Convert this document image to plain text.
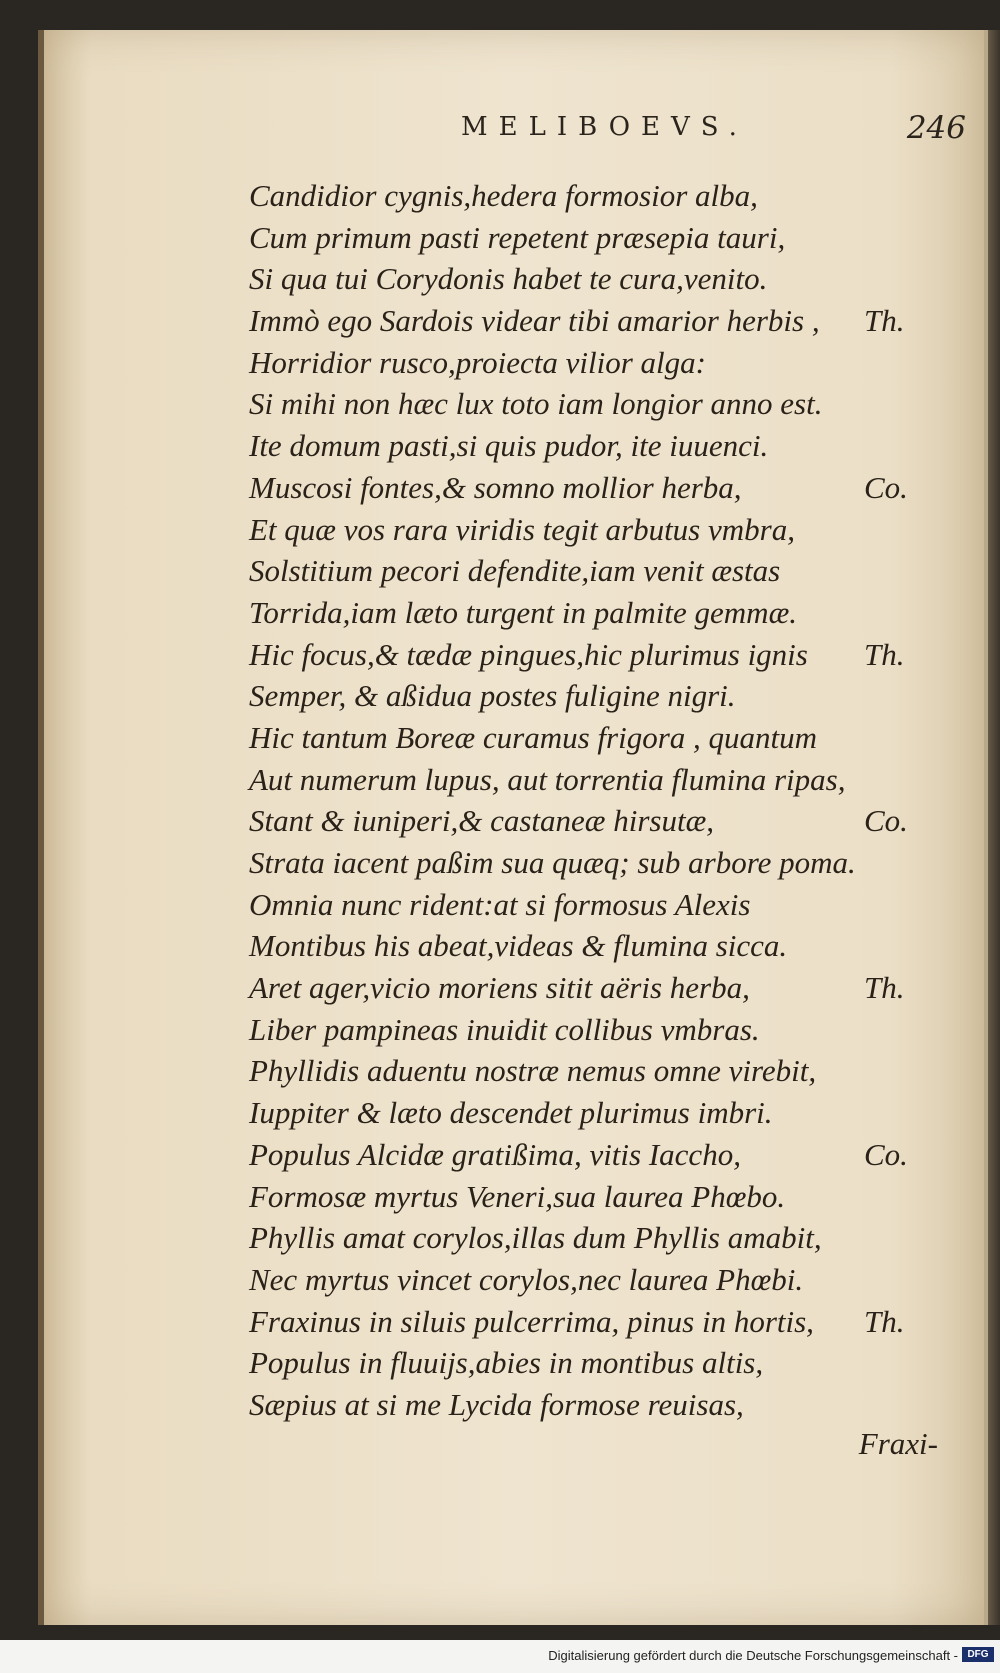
MELIBOEVS.	246
Candidior cygnis,hedera formosior alba,
Cum primum pasti repetent præsepia tauri,
Si qua tui Corydonis habet te cura,venito.
Immò ego Sardois videar tibi amarior herbis , Th.
Horridior rusco,proiecta vilior alga:
Si mihi non hæc lux toto iam longior anno est.
Ite domum pasti,si quis pudor, ite iuuenci.
Muscosi fontes,& somno mollior herba,	Co.
Et quæ vos rara viridis tegit arbutus vmbra,
Solstitium pecori defendite,iam venit æstas
Torrida,iam læto turgent in palmite gemmæ.
Hic focus,& tædæ pingues,hic plurimus ignis Th.
Semper, & aßidua postes fuligine nigri.
Hic tantum Boreæ curamus frigora , quantum
Aut numerum lupus, aut torrentia flumina ripas,
Stant & iuniperi,& castaneæ hirsutæ,	Co.
Strata iacent paßim sua quæq; sub arbore poma.
Omnia nunc rident:at si formosus Alexis
Montibus his abeat,videas & flumina sicca.
Aret ager,vicio moriens sitit aëris herba,	Th.
Liber pampineas inuidit collibus vmbras.
Phyllidis aduentu nostræ nemus omne virebit,
Iuppiter & læto descendet plurimus imbri.
Populus Alcidæ gratißima, vitis Iaccho,	Co.
Formosæ myrtus Veneri,sua laurea Phœbo.
Phyllis amat corylos,illas dum Phyllis amabit,
Nec myrtus vincet corylos,nec laurea Phœbi.
Fraxinus in siluis pulcerrima, pinus in hortis, Th.
Populus in fluuijs,abies in montibus altis,
Sæpius at si me Lycida formose reuisas,
Fraxi-
Digitalisierung gefördert durch die Deutsche Forschungsgemeinschaft - DFG
